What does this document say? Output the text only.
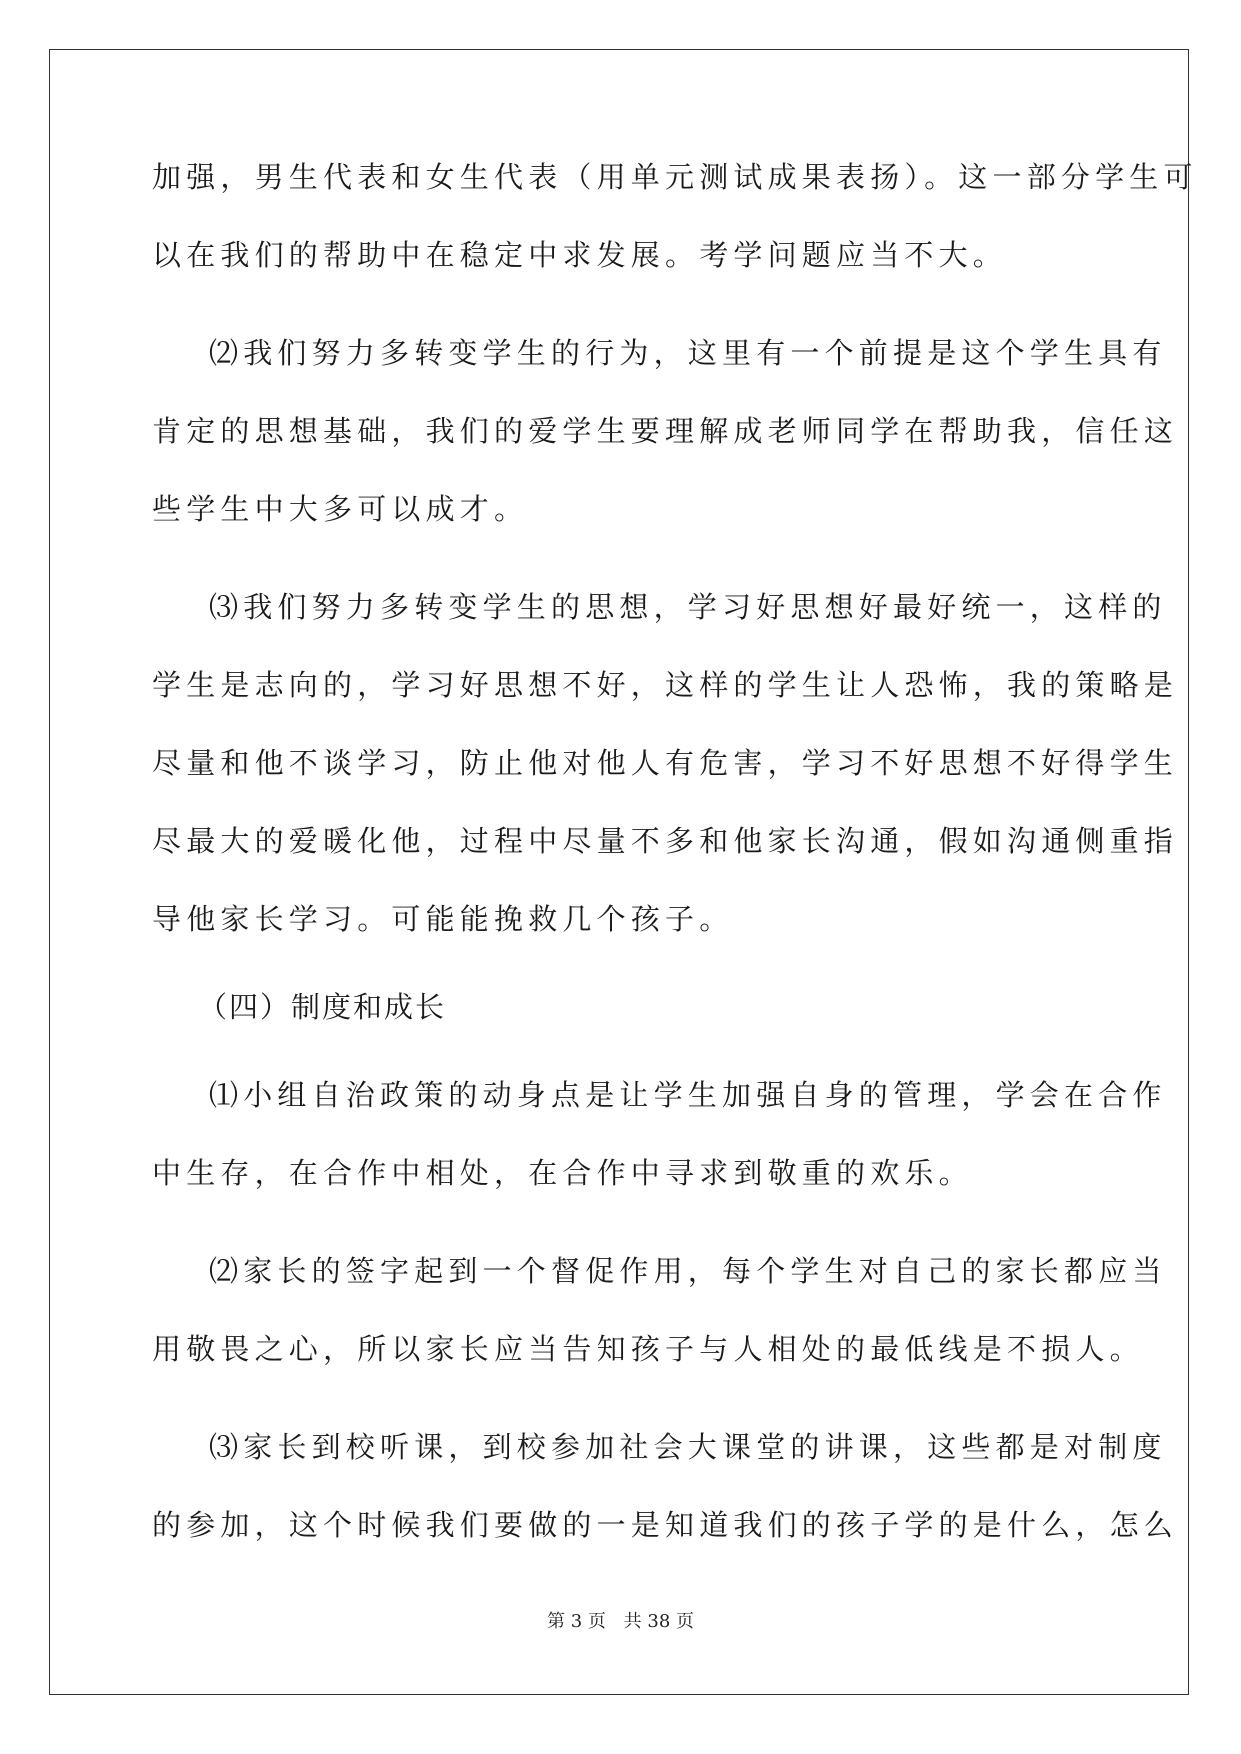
加强，男生代表和女生代表（用单元测试成果表扬）。这一部分学生可
以在我们的帮助中在稳定中求发展。考学问题应当不大。
⑵我们努力多转变学生的行为，这里有一个前提是这个学生具有
肯定的思想基础，我们的爱学生要理解成老师同学在帮助我，信任这
些学生中大多可以成才。
⑶我们努力多转变学生的思想，学习好思想好最好统一，这样的
学生是志向的，学习好思想不好，这样的学生让人恐怖，我的策略是
尽量和他不谈学习，防止他对他人有危害，学习不好思想不好得学生
尽最大的爱暖化他，过程中尽量不多和他家长沟通，假如沟通侧重指
导他家长学习。可能能挽救几个孩子。
（四）制度和成长
⑴小组自治政策的动身点是让学生加强自身的管理，学会在合作
中生存，在合作中相处，在合作中寻求到敬重的欢乐。
⑵家长的签字起到一个督促作用，每个学生对自己的家长都应当
用敬畏之心，所以家长应当告知孩子与人相处的最低线是不损人。
⑶家长到校听课，到校参加社会大课堂的讲课，这些都是对制度
的参加，这个时候我们要做的一是知道我们的孩子学的是什么，怎么
第 3 页 共 38 页
